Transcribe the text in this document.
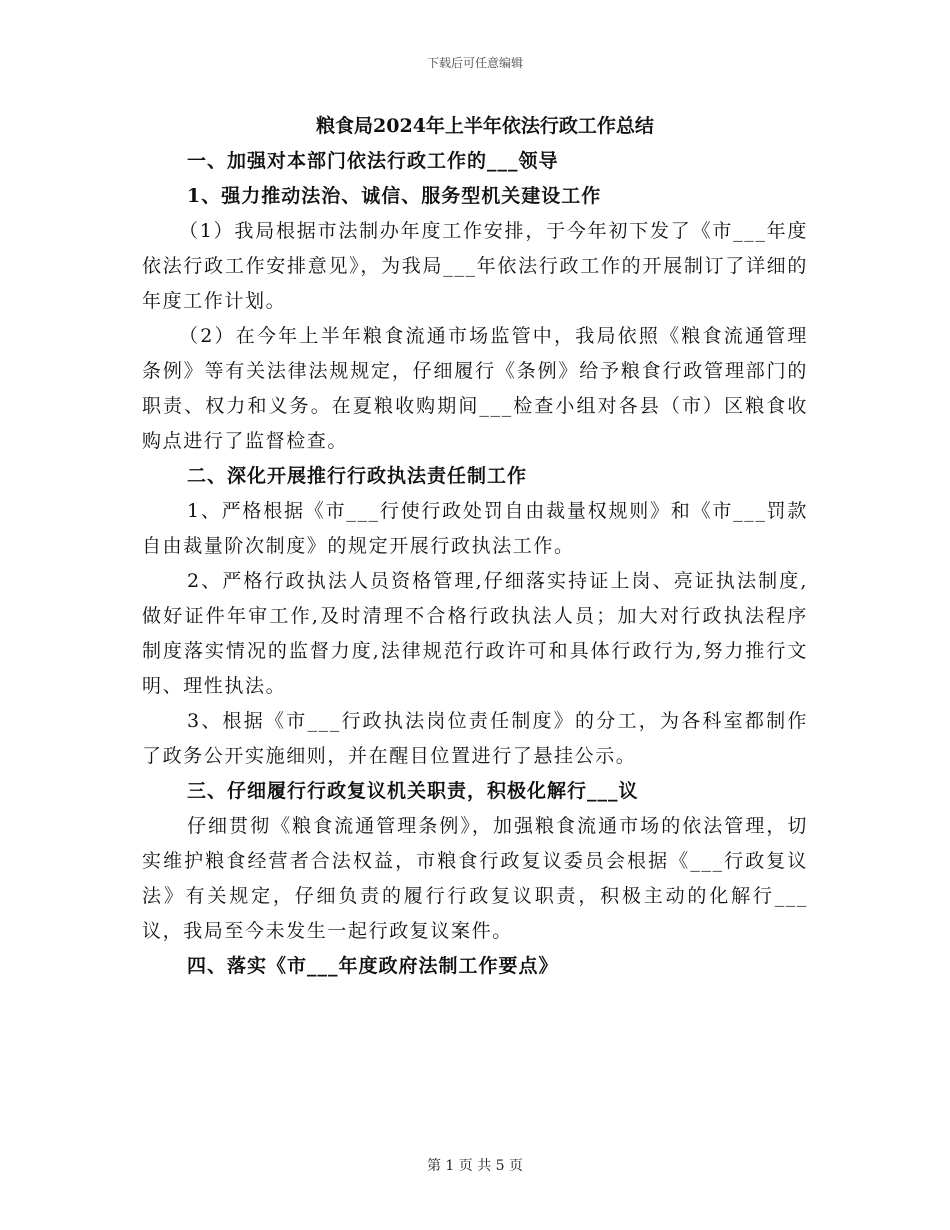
下载后可任意编辑
粮食局2024年上半年依法行政工作总结
一、加强对本部门依法行政工作的___领导
1、强力推动法治、诚信、服务型机关建设工作
（1）我局根据市法制办年度工作安排，于今年初下发了《市___年度依法行政工作安排意见》，为我局___年依法行政工作的开展制订了详细的年度工作计划。
（2）在今年上半年粮食流通市场监管中，我局依照《粮食流通管理条例》等有关法律法规规定，仔细履行《条例》给予粮食行政管理部门的职责、权力和义务。在夏粮收购期间___检查小组对各县（市）区粮食收购点进行了监督检查。
二、深化开展推行行政执法责任制工作
1、严格根据《市___行使行政处罚自由裁量权规则》和《市___罚款自由裁量阶次制度》的规定开展行政执法工作。
2、严格行政执法人员资格管理,仔细落实持证上岗、亮证执法制度,做好证件年审工作,及时清理不合格行政执法人员；加大对行政执法程序制度落实情况的监督力度,法律规范行政许可和具体行政行为,努力推行文明、理性执法。
3、根据《市___行政执法岗位责任制度》的分工，为各科室都制作了政务公开实施细则，并在醒目位置进行了悬挂公示。
三、仔细履行行政复议机关职责，积极化解行___议
仔细贯彻《粮食流通管理条例》，加强粮食流通市场的依法管理，切实维护粮食经营者合法权益，市粮食行政复议委员会根据《___行政复议法》有关规定，仔细负责的履行行政复议职责，积极主动的化解行___议，我局至今未发生一起行政复议案件。
四、落实《市___年度政府法制工作要点》
第 1 页 共 5 页
